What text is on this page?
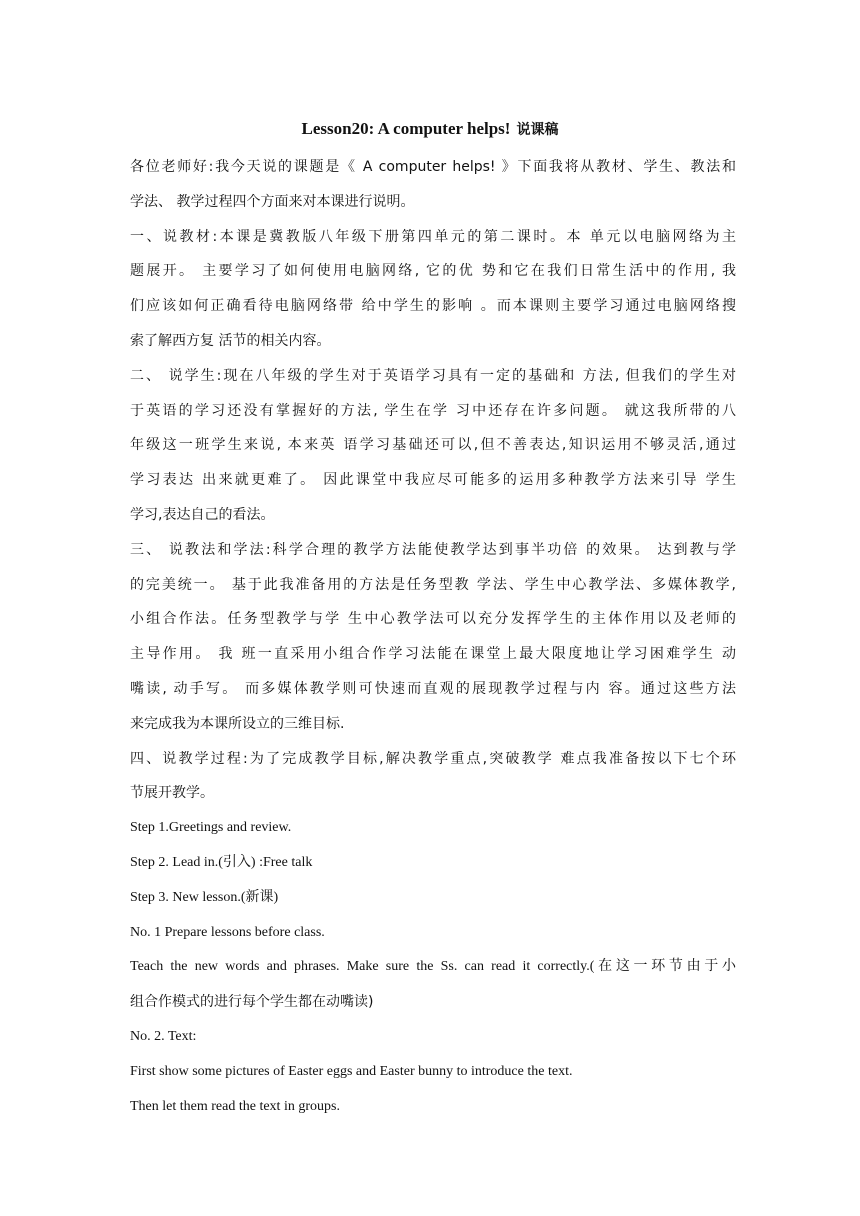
Lesson20: A computer helps! 说课稿
各位老师好:我今天说的课题是《 A computer helps! 》下面我将从教材、学生、教法和
学法、 教学过程四个方面来对本课进行说明。
一、说教材:本课是冀教版八年级下册第四单元的第二课时。本 单元以电脑网络为主
题展开。 主要学习了如何使用电脑网络, 它的优 势和它在我们日常生活中的作用, 我
们应该如何正确看待电脑网络带 给中学生的影响 。而本课则主要学习通过电脑网络搜
索了解西方复 活节的相关内容。
二、 说学生:现在八年级的学生对于英语学习具有一定的基础和 方法, 但我们的学生对
于英语的学习还没有掌握好的方法, 学生在学 习中还存在许多问题。 就这我所带的八
年级这一班学生来说, 本来英 语学习基础还可以,但不善表达,知识运用不够灵活,通过
学习表达 出来就更难了。 因此课堂中我应尽可能多的运用多种教学方法来引导 学生
学习,表达自己的看法。
三、 说教法和学法:科学合理的教学方法能使教学达到事半功倍 的效果。 达到教与学
的完美统一。 基于此我准备用的方法是任务型教 学法、学生中心教学法、多媒体教学,
小组合作法。任务型教学与学 生中心教学法可以充分发挥学生的主体作用以及老师的
主导作用。 我 班一直采用小组合作学习法能在课堂上最大限度地让学习困难学生 动
嘴读, 动手写。 而多媒体教学则可快速而直观的展现教学过程与内 容。通过这些方法
来完成我为本课所设立的三维目标.
四、说教学过程:为了完成教学目标,解决教学重点,突破教学 难点我准备按以下七个环
节展开教学。
Step 1.Greetings and review.
Step 2. Lead in.(引入) :Free talk
Step 3. New lesson.(新课)
No. 1 Prepare lessons before class.
Teach the new words and phrases. Make sure the Ss. can read it correctly.(在这一环节由于小
组合作模式的进行每个学生都在动嘴读)
No. 2. Text:
First show some pictures of Easter eggs and Easter bunny to introduce the text.
Then let them read the text in groups.
